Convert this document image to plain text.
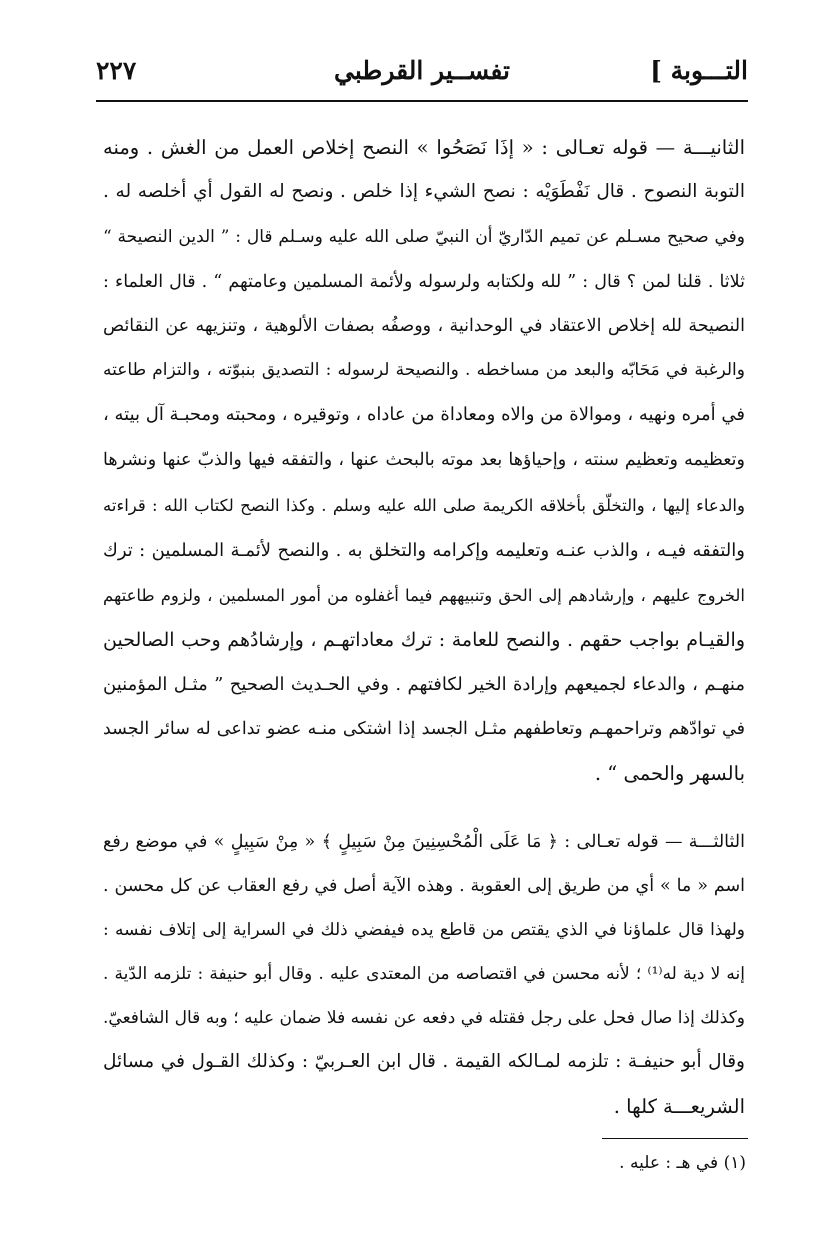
التـــوبة ]
تفســير القرطبي
٢٢٧
الثانيـــة — قوله تعـالى : « إذَا نَصَحُوا » النصح إخلاص العمل من الغش . ومنه
التوبة النصوح . قال نَفْطَوَيْه : نصح الشيء إذا خلص . ونصح له القول أي أخلصه له .
وفي صحيح مسـلم عن تميم الدّاريّ أن النبيّ صلى الله عليه وسـلم قال : ” الدين النصيحة “
ثلاثا . قلنا لمن ؟ قال : ” لله ولكتابه ولرسوله ولأئمة المسلمين وعامتهم “ . قال العلماء :
النصيحة لله إخلاص الاعتقاد في الوحدانية ، ووصفُه بصفات الألوهية ، وتنزيهه عن النقائص
والرغبة في مَحَابّه والبعد من مساخطه . والنصيحة لرسوله : التصديق بنبوّته ، والتزام طاعته
في أمره ونهيه ، وموالاة من والاه ومعاداة من عاداه ، وتوقيره ، ومحبته ومحبـة آل بيته ،
وتعظيمه وتعظيم سنته ، وإحياؤها بعد موته بالبحث عنها ، والتفقه فيها والذبّ عنها ونشرها
والدعاء إليها ، والتخلّق بأخلاقه الكريمة صلى الله عليه وسلم . وكذا النصح لكتاب الله : قراءته
والتفقه فيـه ، والذب عنـه وتعليمه وإكرامه والتخلق به . والنصح لأئمـة المسلمين : ترك
الخروج عليهم ، وإرشادهم إلى الحق وتنبيههم فيما أغفلوه من أمور المسلمين ، ولزوم طاعتهم
والقيـام بواجب حقهم . والنصح للعامة : ترك معاداتهـم ، وإرشادُهم وحب الصالحين
منهـم ، والدعاء لجميعهم وإرادة الخير لكافتهم . وفي الحـديث الصحيح ” مثـل المؤمنين
في توادّهم وتراحمهـم وتعاطفهم مثـل الجسد إذا اشتكى منـه عضو تداعى له سائر الجسد
بالسهر والحمى “ .
الثالثـــة — قوله تعـالى : ﴿ مَا عَلَى الْمُحْسِنِينَ مِنْ سَبِيلٍ ﴾ « مِنْ سَبِيلٍ » في موضع رفع
اسم « ما » أي من طريق إلى العقوبة . وهذه الآية أصل في رفع العقاب عن كل محسن .
ولهذا قال علماؤنا في الذي يقتص من قاطع يده فيفضي ذلك في السراية إلى إتلاف نفسه :
إنه لا دية له⁽¹⁾ ؛ لأنه محسن في اقتصاصه من المعتدى عليه . وقال أبو حنيفة : تلزمه الدّية .
وكذلك إذا صال فحل على رجل فقتله في دفعه عن نفسه فلا ضمان عليه ؛ وبه قال الشافعيّ.
وقال أبو حنيفـة : تلزمه لمـالكه القيمة . قال ابن العـربيّ : وكذلك القـول في مسائل
الشريعـــة كلها .
(١) في هـ : عليه .
